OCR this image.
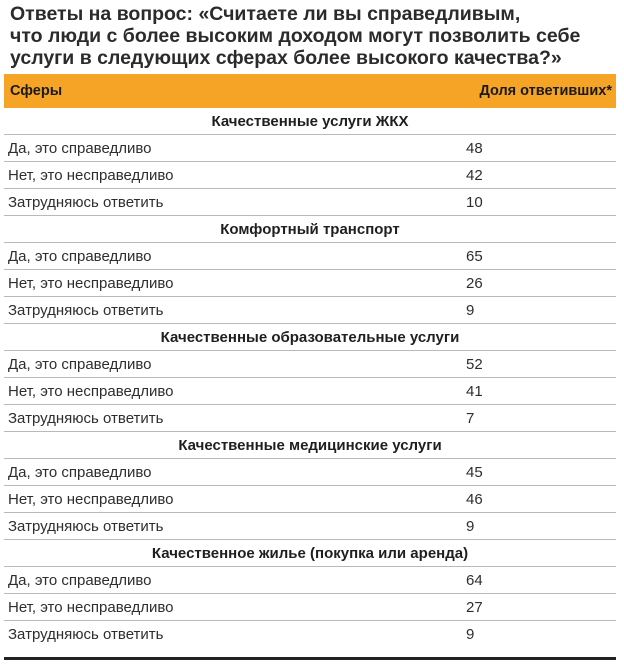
Ответы на вопрос: «Считаете ли вы справедливым,
что люди с более высоким доходом могут позволить себе
услуги в следующих сферах более высокого качества?»
Сферы	Доля ответивших*
Качественные услуги ЖКХ
Да, это справедливо	48
Нет, это несправедливо	42
Затрудняюсь ответить	10
Комфортный транспорт
Да, это справедливо	65
Нет, это несправедливо	26
Затрудняюсь ответить	9
Качественные образовательные услуги
Да, это справедливо	52
Нет, это несправедливо	41
Затрудняюсь ответить	7
Качественные медицинские услуги
Да, это справедливо	45
Нет, это несправедливо	46
Затрудняюсь ответить	9
Качественное жилье (покупка или аренда)
Да, это справедливо	64
Нет, это несправедливо	27
Затрудняюсь ответить	9
